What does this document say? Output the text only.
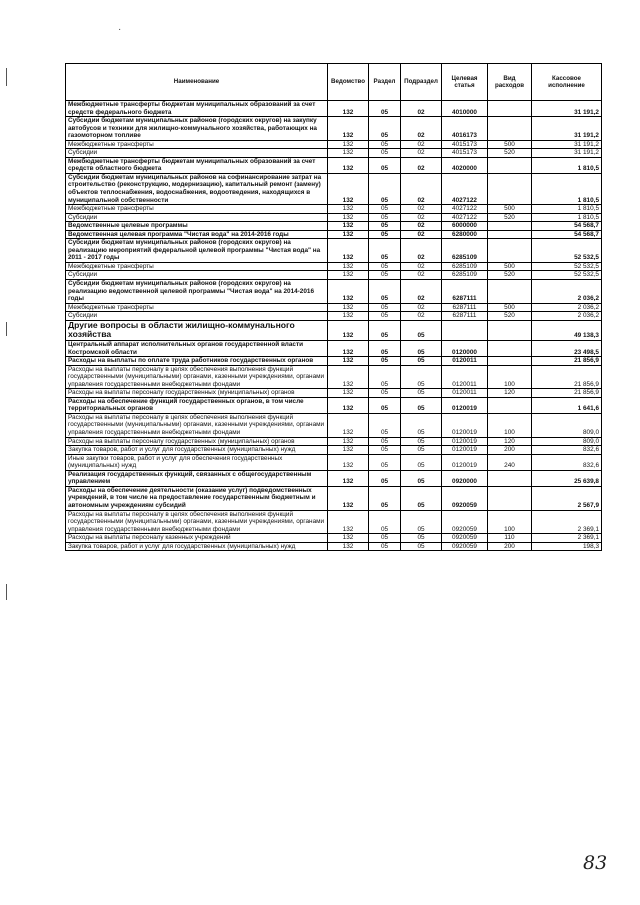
·
Наименование	Ведомство	Раздел	Подраздел	Целевая статья	Вид расходов	Кассовое исполнение
Межбюджетные трансферты бюджетам муниципальных образований за счет средств федерального бюджета	132	05	02	4010000		31 191,2
Субсидии бюджетам муниципальных районов (городских округов) на закупку автобусов и техники для жилищно-коммунального хозяйства, работающих на газомоторном топливе	132	05	02	4016173		31 191,2
Межбюджетные трансферты	132	05	02	4015173	500	31 191,2
Субсидии	132	05	02	4015173	520	31 191,2
Межбюджетные трансферты бюджетам муниципальных образований за счет средств областного бюджета	132	05	02	4020000		1 810,5
Субсидии бюджетам муниципальных районов на софинансирование затрат на строительство (реконструкцию, модернизацию), капитальный ремонт (замену) объектов теплоснабжения, водоснабжения, водоотведения, находящихся в муниципальной собственности	132	05	02	4027122		1 810,5
Межбюджетные трансферты	132	05	02	4027122	500	1 810,5
Субсидии	132	05	02	4027122	520	1 810,5
Ведомственные целевые программы	132	05	02	6000000		54 568,7
Ведомственная целевая программа "Чистая вода" на 2014-2016 годы	132	05	02	6280000		54 568,7
Субсидии бюджетам муниципальных районов (городских округов) на реализацию мероприятий федеральной целевой программы "Чистая вода" на 2011 - 2017 годы	132	05	02	6285109		52 532,5
Межбюджетные трансферты	132	05	02	6285109	500	52 532,5
Субсидии	132	05	02	6285109	520	52 532,5
Субсидии бюджетам муниципальных районов (городских округов) на реализацию ведомственной целевой программы "Чистая вода" на 2014-2016 годы	132	05	02	6287111		2 036,2
Межбюджетные трансферты	132	05	02	6287111	500	2 036,2
Субсидии	132	05	02	6287111	520	2 036,2
Другие вопросы в области жилищно-коммунального хозяйства	132	05	05			49 138,3
Центральный аппарат исполнительных органов государственной власти Костромской области	132	05	05	0120000		23 498,5
Расходы на выплаты по оплате труда работников государственных органов	132	05	05	0120011		21 856,9
Расходы на выплаты персоналу в целях обеспечения выполнения функций государственными (муниципальными) органами, казенными учреждениями, органами управления государственными внебюджетными фондами	132	05	05	0120011	100	21 856,9
Расходы на выплаты персоналу государственных (муниципальных) органов	132	05	05	0120011	120	21 856,9
Расходы на обеспечение функций государственных органов, в том числе территориальных органов	132	05	05	0120019		1 641,6
Расходы на выплаты персоналу в целях обеспечения выполнения функций государственными (муниципальными) органами, казенными учреждениями, органами управления государственными внебюджетными фондами	132	05	05	0120019	100	809,0
Расходы на выплаты персоналу государственных (муниципальных) органов	132	05	05	0120019	120	809,0
Закупка товаров, работ и услуг для государственных (муниципальных) нужд	132	05	05	0120019	200	832,6
Иные закупки товаров, работ и услуг для обеспечения государственных (муниципальных) нужд	132	05	05	0120019	240	832,6
Реализация государственных функций, связанных с общегосударственным управлением	132	05	05	0920000		25 639,8
Расходы на обеспечение деятельности (оказание услуг) подведомственных учреждений, в том числе на предоставление государственным бюджетным и автономным учреждениям субсидий	132	05	05	0920059		2 567,9
Расходы на выплаты персоналу в целях обеспечения выполнения функций государственными (муниципальными) органами, казенными учреждениями, органами управления государственными внебюджетными фондами	132	05	05	0920059	100	2 369,1
Расходы на выплаты персоналу казенных учреждений	132	05	05	0920059	110	2 369,1
Закупка товаров, работ и услуг для государственных (муниципальных) нужд	132	05	05	0920059	200	198,3
83
